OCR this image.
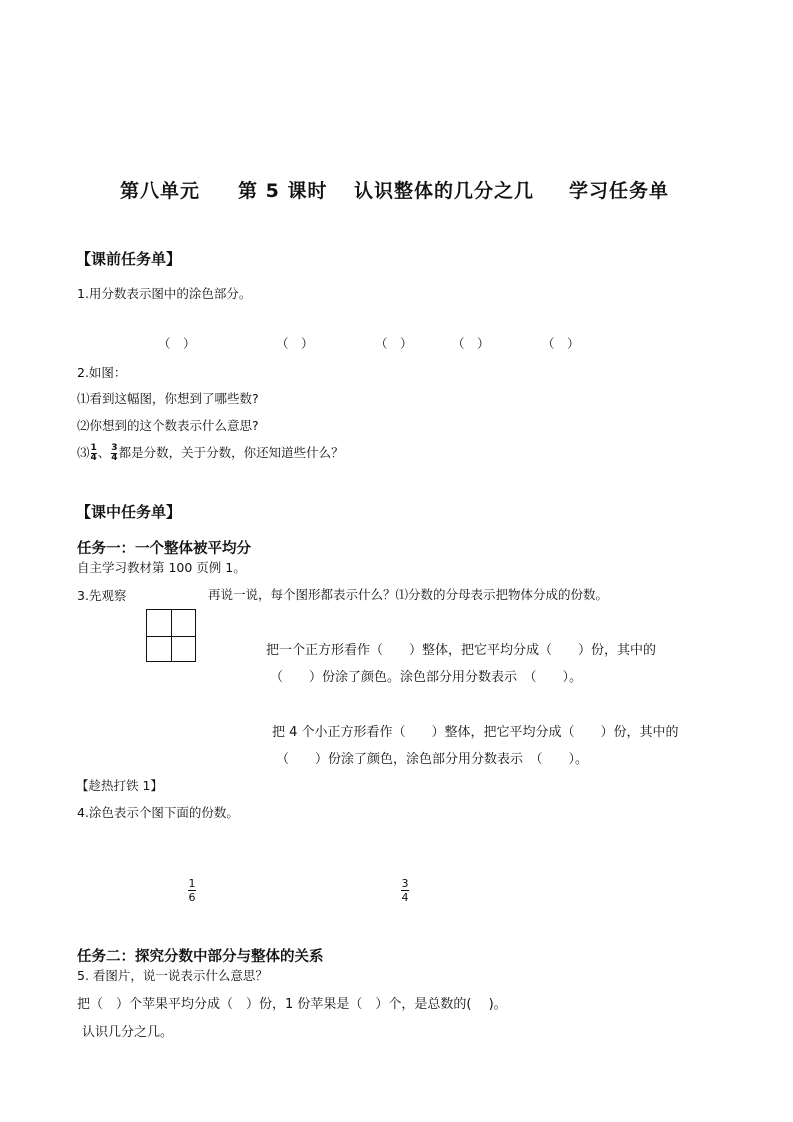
第八单元 第 5 课时 认识整体的几分之几 学习任务单
【课前任务单】
1.用分数表示图中的涂色部分。
（　）	（　）	（　）	（　）	（　）
2.如图：
⑴看到这幅图，你想到了哪些数?
⑵你想到的这个数表示什么意思?
⑶ $\frac{1}{4}$ 、 $\frac{3}{4}$ 都是分数，关于分数，你还知道些什么？
【课中任务单】
任务一：一个整体被平均分
自主学习教材第 100 页例 1。
3.先观察	再说一说，每个图形都表示什么？⑴分数的分母表示把物体分成的份数。
把一个正方形看作（　　）整体，把它平均分成（　　）份，其中的
（　　）份涂了颜色。涂色部分用分数表示　（　　）。
把 4 个小正方形看作（　　）整体，把它平均分成（　　）份，其中的
（　　）份涂了颜色，涂色部分用分数表示　（　　）。
【趁热打铁 1】
4.涂色表示个图下面的份数。
1
6
3
4
任务二：探究分数中部分与整体的关系
5. 看图片，说一说表示什么意思？
把（　）个苹果平均分成（　）份，1 份苹果是（　）个，是总数的(　 )。
认识几分之几。
